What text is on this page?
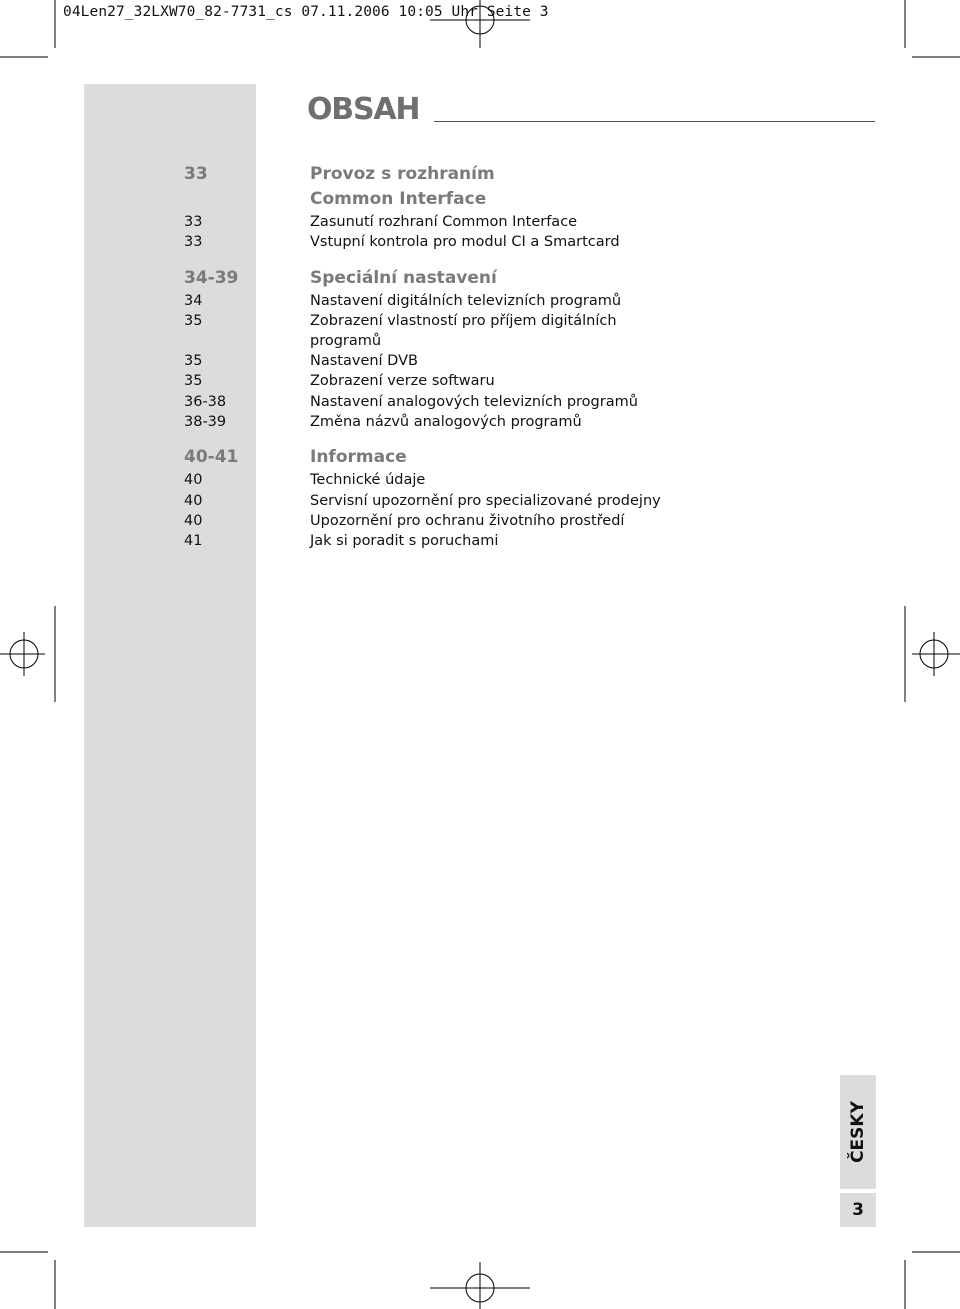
04Len27_32LXW70_82-7731_cs 07.11.2006 10:05 Uhr Seite 3
OBSAH
33	Provoz s rozhraním
Common Interface
33	Zasunutí rozhraní Common Interface
33	Vstupní kontrola pro modul CI a Smartcard
34-39	Speciální nastavení
34	Nastavení digitálních televizních programů
35	Zobrazení vlastností pro příjem digitálních
programů
35	Nastavení DVB
35	Zobrazení verze softwaru
36-38	Nastavení analogových televizních programů
38-39	Změna názvů analogových programů
40-41	Informace
40	Technické údaje
40	Servisní upozornění pro specializované prodejny
40	Upozornění pro ochranu životního prostředí
41	Jak si poradit s poruchami
ČESKY
3
